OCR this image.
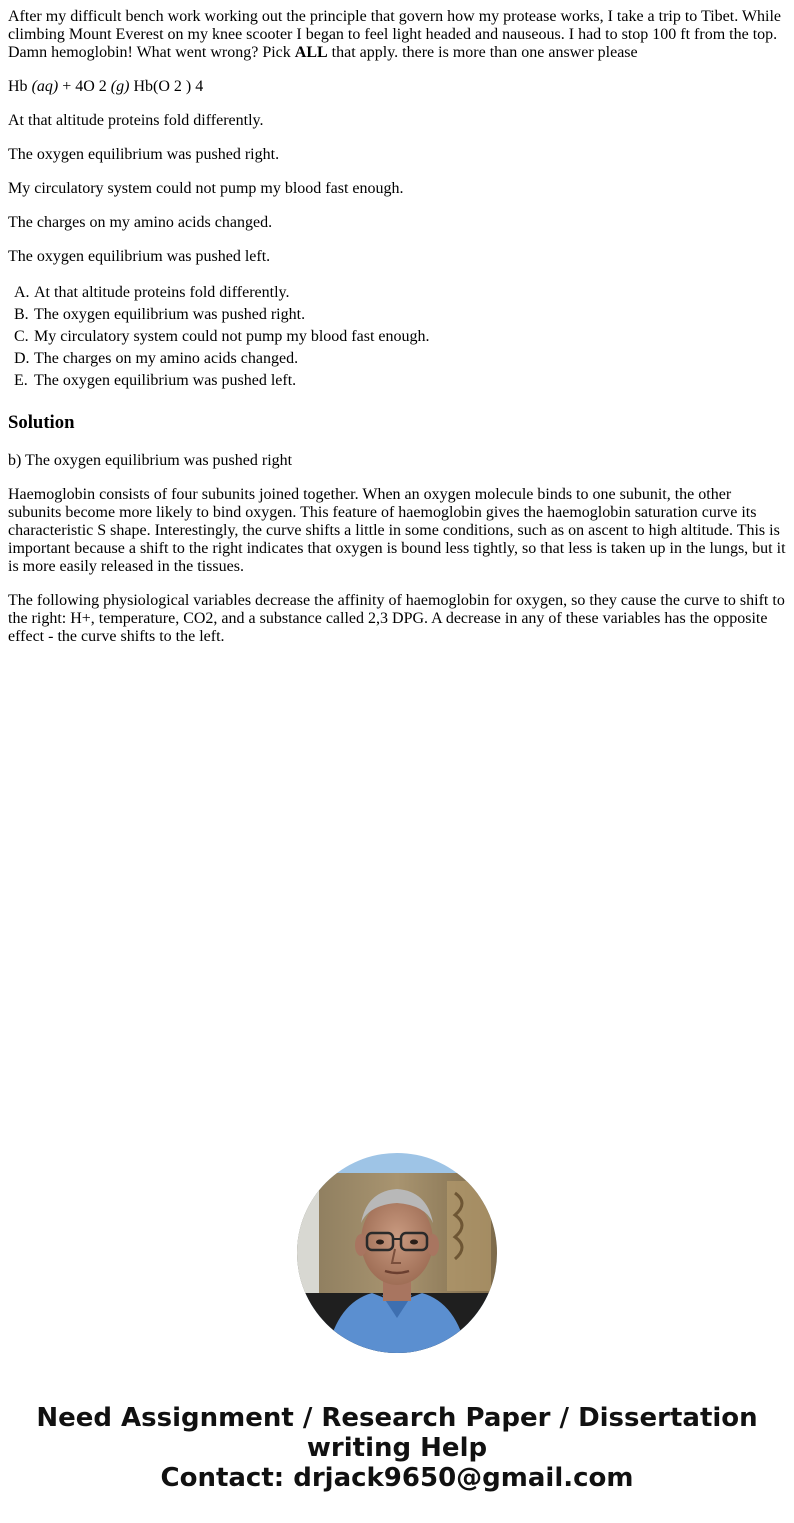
After my difficult bench work working out the principle that govern how my protease works, I take a trip to Tibet. While climbing Mount Everest on my knee scooter I began to feel light headed and nauseous. I had to stop 100 ft from the top. Damn hemoglobin! What went wrong? Pick ALL that apply. there is more than one answer please

Hb (aq) + 4O 2 (g) Hb(O 2 ) 4

At that altitude proteins fold differently.

The oxygen equilibrium was pushed right.

My circulatory system could not pump my blood fast enough.

The charges on my amino acids changed.

The oxygen equilibrium was pushed left.

A. At that altitude proteins fold differently.
B. The oxygen equilibrium was pushed right.
C. My circulatory system could not pump my blood fast enough.
D. The charges on my amino acids changed.
E. The oxygen equilibrium was pushed left.
Solution

b) The oxygen equilibrium was pushed right

Haemoglobin consists of four subunits joined together. When an oxygen molecule binds to one subunit, the other subunits become more likely to bind oxygen. This feature of haemoglobin gives the haemoglobin saturation curve its characteristic S shape. Interestingly, the curve shifts a little in some conditions, such as on ascent to high altitude. This is important because a shift to the right indicates that oxygen is bound less tightly, so that less is taken up in the lungs, but it is more easily released in the tissues.

The following physiological variables decrease the affinity of haemoglobin for oxygen, so they cause the curve to shift to the right: H+, temperature, CO2, and a substance called 2,3 DPG. A decrease in any of these variables has the opposite effect - the curve shifts to the left.

Need Assignment / Research Paper / Dissertation
writing Help
Contact: drjack9650@gmail.com
